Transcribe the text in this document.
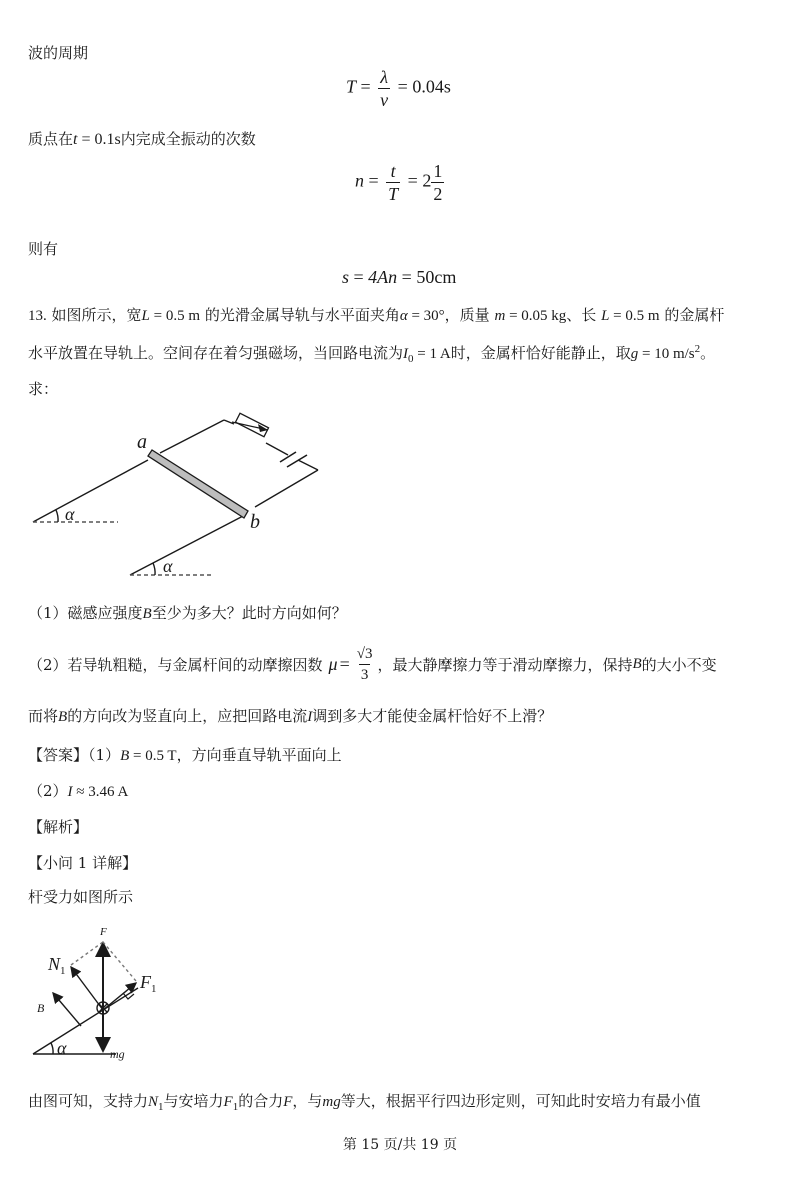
波的周期
$T = \frac{\lambda}{v} = 0.04s$
质点在t = 0.1s内完成全振动的次数
$n = \frac{t}{T} = 2 \frac{1}{2}$
则有
s = 4An = 50cm
13. 如图所示，宽L = 0.5 m 的光滑金属导轨与水平面夹角α = 30°，质量 m = 0.05 kg、长 L = 0.5 m 的金属杆
水平放置在导轨上。空间存在着匀强磁场，当回路电流为$I_0 = 1$ A时，金属杆恰好能静止，取g = 10 $m/s^2$。
求：
a
b
α
α
（1）磁感应强度B至少为多大？此时方向如何？
（2）若导轨粗糙，与金属杆间的动摩擦因数 $\mu = \frac{√3}{3}$ ，最大静摩擦力等于滑动摩擦力，保持 B 的大小不变
而将B的方向改为竖直向上，应把回路电流I调到多大才能使金属杆恰好不上滑？
【答案】（1）B = 0.5 T，方向垂直导轨平面向上
（2）I ≈ 3.46 A
【解析】
【小问 1 详解】
杆受力如图所示
F
$N_1$
$F_1$
B
mg
α
由图可知，支持力$N_1$与安培力$F_1$的合力F，与mg等大，根据平行四边形定则，可知此时安培力有最小值
第 15 页/共 19 页
